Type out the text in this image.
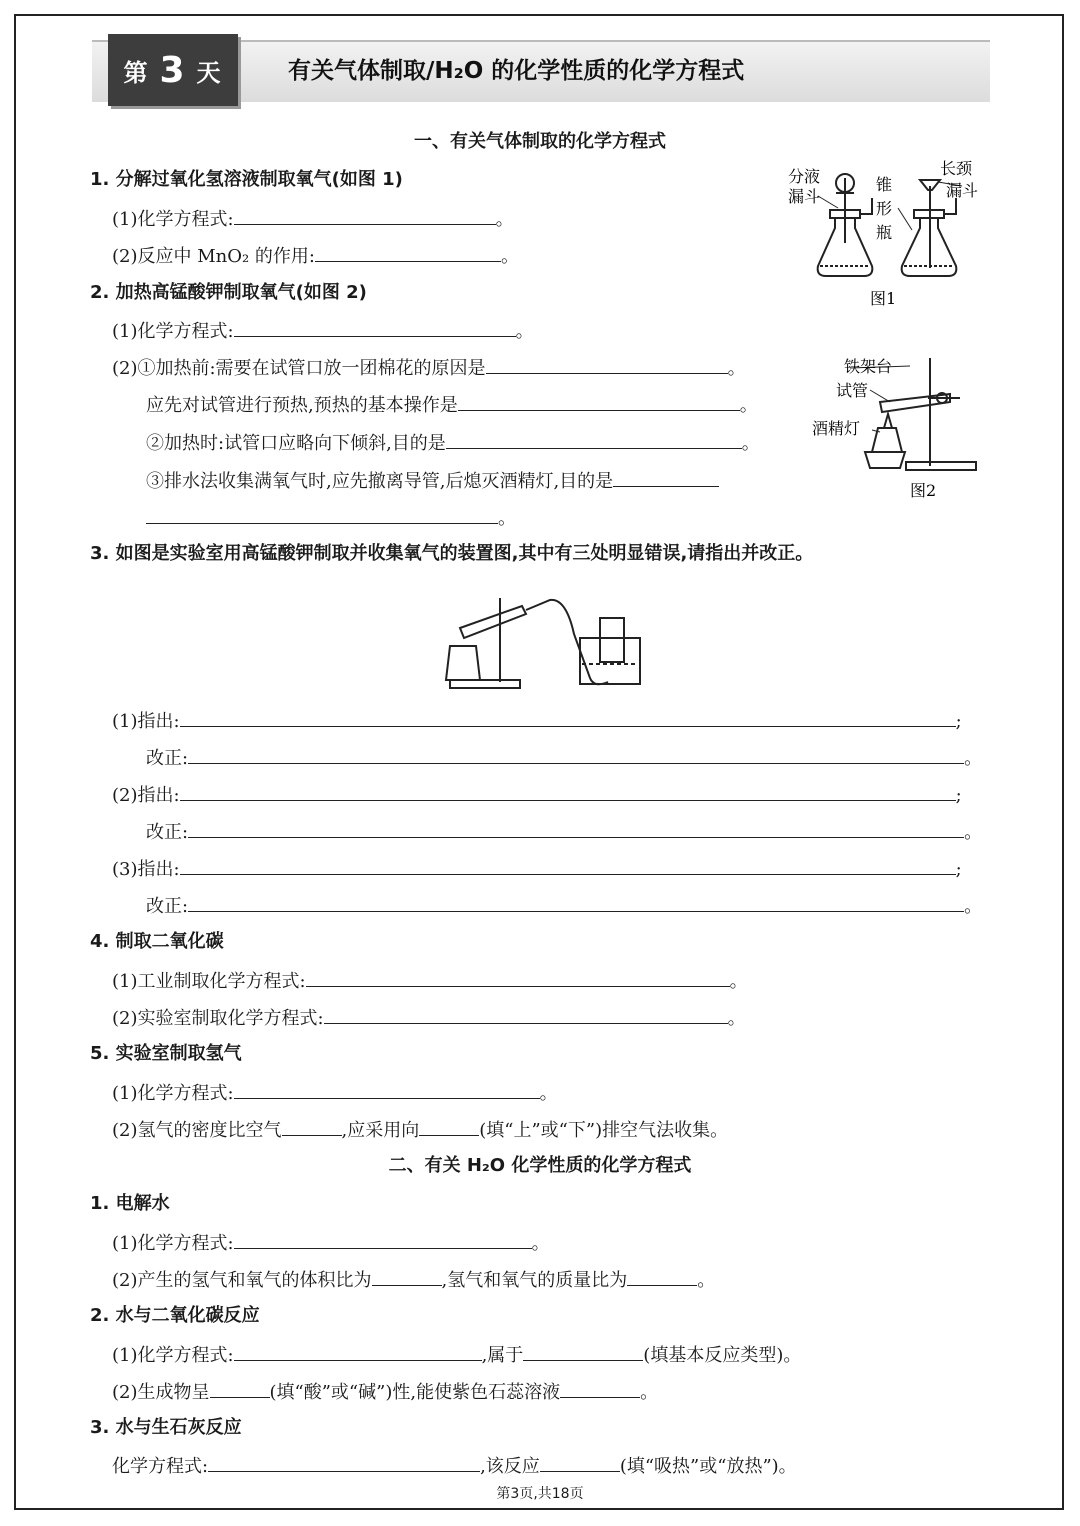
第 3 天	有关气体制取/H₂O 的化学性质的化学方程式
一、有关气体制取的化学方程式
1. 分解过氧化氢溶液制取氧气(如图 1)
(1)化学方程式:	。
(2)反应中 MnO₂ 的作用:	。
2. 加热高锰酸钾制取氧气(如图 2)
(1)化学方程式:	。
(2)①加热前:需要在试管口放一团棉花的原因是	。
应先对试管进行预热,预热的基本操作是	。
②加热时:试管口应略向下倾斜,目的是	。
③排水法收集满氧气时,应先撤离导管,后熄灭酒精灯,目的是
。
分液
漏斗
锥
形
瓶
长颈
漏斗
图1
铁架台
试管
酒精灯
图2
3. 如图是实验室用高锰酸钾制取并收集氧气的装置图,其中有三处明显错误,请指出并改正。
(1)指出:	;
改正:	。
(2)指出:	;
改正:	。
(3)指出:	;
改正:	。
4. 制取二氧化碳
(1)工业制取化学方程式:	。
(2)实验室制取化学方程式:	。
5. 实验室制取氢气
(1)化学方程式:	。
(2)氢气的密度比空气	,应采用向	(填“上”或“下”)排空气法收集。
二、有关 H₂O 化学性质的化学方程式
1. 电解水
(1)化学方程式:	。
(2)产生的氢气和氧气的体积比为	,氢气和氧气的质量比为	。
2. 水与二氧化碳反应
(1)化学方程式:	,属于	(填基本反应类型)。
(2)生成物呈	(填“酸”或“碱”)性,能使紫色石蕊溶液	。
3. 水与生石灰反应
化学方程式:	,该反应	(填“吸热”或“放热”)。
第3页,共18页
